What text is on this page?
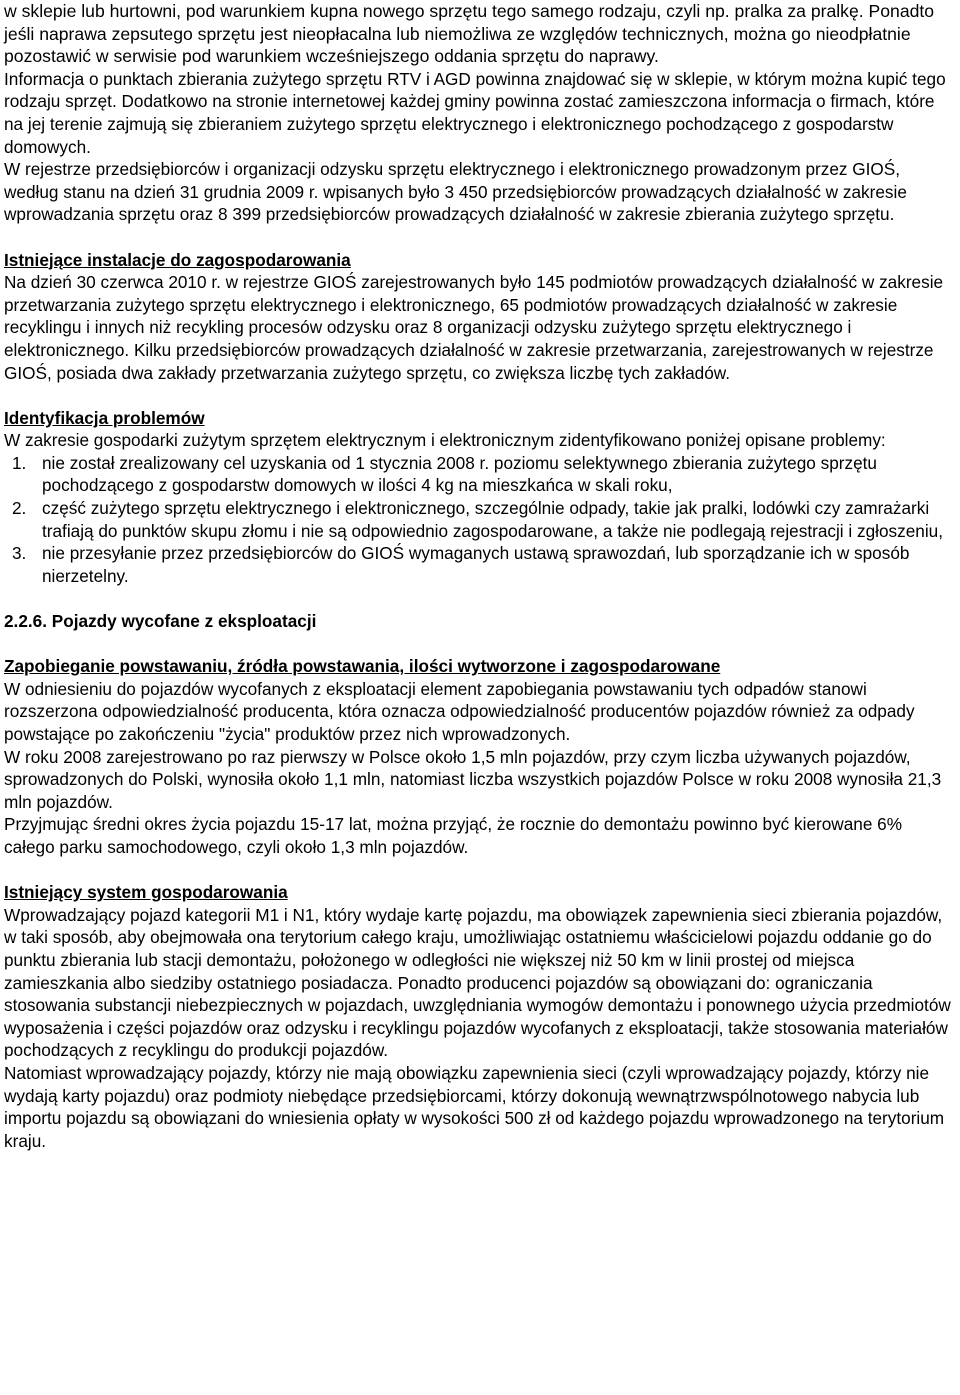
w sklepie lub hurtowni, pod warunkiem kupna nowego sprzętu tego samego rodzaju, czyli np. pralka za pralkę. Ponadto jeśli naprawa zepsutego sprzętu jest nieopłacalna lub niemożliwa ze względów technicznych, można go nieodpłatnie pozostawić w serwisie pod warunkiem wcześniejszego oddania sprzętu do naprawy.

Informacja o punktach zbierania zużytego sprzętu RTV i AGD powinna znajdować się w sklepie, w którym można kupić tego rodzaju sprzęt. Dodatkowo na stronie internetowej każdej gminy powinna zostać zamieszczona informacja o firmach, które na jej terenie zajmują się zbieraniem zużytego sprzętu elektrycznego i elektronicznego pochodzącego z gospodarstw domowych.

W rejestrze przedsiębiorców i organizacji odzysku sprzętu elektrycznego i elektronicznego prowadzonym przez GIOŚ, według stanu na dzień 31 grudnia 2009 r. wpisanych było 3 450 przedsiębiorców prowadzących działalność w zakresie wprowadzania sprzętu oraz 8 399 przedsiębiorców prowadzących działalność w zakresie zbierania zużytego sprzętu.

Istniejące instalacje do zagospodarowania

Na dzień 30 czerwca 2010 r. w rejestrze GIOŚ zarejestrowanych było 145 podmiotów prowadzących działalność w zakresie przetwarzania zużytego sprzętu elektrycznego i elektronicznego, 65 podmiotów prowadzących działalność w zakresie recyklingu i innych niż recykling procesów odzysku oraz 8 organizacji odzysku zużytego sprzętu elektrycznego i elektronicznego. Kilku przedsiębiorców prowadzących działalność w zakresie przetwarzania, zarejestrowanych w rejestrze GIOŚ, posiada dwa zakłady przetwarzania zużytego sprzętu, co zwiększa liczbę tych zakładów.

Identyfikacja problemów

W zakresie gospodarki zużytym sprzętem elektrycznym i elektronicznym zidentyfikowano poniżej opisane problemy:

1. nie został zrealizowany cel uzyskania od 1 stycznia 2008 r. poziomu selektywnego zbierania zużytego sprzętu pochodzącego z gospodarstw domowych w ilości 4 kg na mieszkańca w skali roku,
2. część zużytego sprzętu elektrycznego i elektronicznego, szczególnie odpady, takie jak pralki, lodówki czy zamrażarki trafiają do punktów skupu złomu i nie są odpowiednio zagospodarowane, a także nie podlegają rejestracji i zgłoszeniu,
3. nie przesyłanie przez przedsiębiorców do GIOŚ wymaganych ustawą sprawozdań, lub sporządzanie ich w sposób nierzetelny.

2.2.6. Pojazdy wycofane z eksploatacji

Zapobieganie powstawaniu, źródła powstawania, ilości wytworzone i zagospodarowane

W odniesieniu do pojazdów wycofanych z eksploatacji element zapobiegania powstawaniu tych odpadów stanowi rozszerzona odpowiedzialność producenta, która oznacza odpowiedzialność producentów pojazdów również za odpady powstające po zakończeniu "życia" produktów przez nich wprowadzonych.

W roku 2008 zarejestrowano po raz pierwszy w Polsce około 1,5 mln pojazdów, przy czym liczba używanych pojazdów, sprowadzonych do Polski, wynosiła około 1,1 mln, natomiast liczba wszystkich pojazdów Polsce w roku 2008 wynosiła 21,3 mln pojazdów.

Przyjmując średni okres życia pojazdu 15-17 lat, można przyjąć, że rocznie do demontażu powinno być kierowane 6% całego parku samochodowego, czyli około 1,3 mln pojazdów.

Istniejący system gospodarowania

Wprowadzający pojazd kategorii M1 i N1, który wydaje kartę pojazdu, ma obowiązek zapewnienia sieci zbierania pojazdów, w taki sposób, aby obejmowała ona terytorium całego kraju, umożliwiając ostatniemu właścicielowi pojazdu oddanie go do punktu zbierania lub stacji demontażu, położonego w odległości nie większej niż 50 km w linii prostej od miejsca zamieszkania albo siedziby ostatniego posiadacza. Ponadto producenci pojazdów są obowiązani do: ograniczania stosowania substancji niebezpiecznych w pojazdach, uwzględniania wymogów demontażu i ponownego użycia przedmiotów wyposażenia i części pojazdów oraz odzysku i recyklingu pojazdów wycofanych z eksploatacji, także stosowania materiałów pochodzących z recyklingu do produkcji pojazdów.

Natomiast wprowadzający pojazdy, którzy nie mają obowiązku zapewnienia sieci (czyli wprowadzający pojazdy, którzy nie wydają karty pojazdu) oraz podmioty niebędące przedsiębiorcami, którzy dokonują wewnątrzwspólnotowego nabycia lub importu pojazdu są obowiązani do wniesienia opłaty w wysokości 500 zł od każdego pojazdu wprowadzonego na terytorium kraju.
